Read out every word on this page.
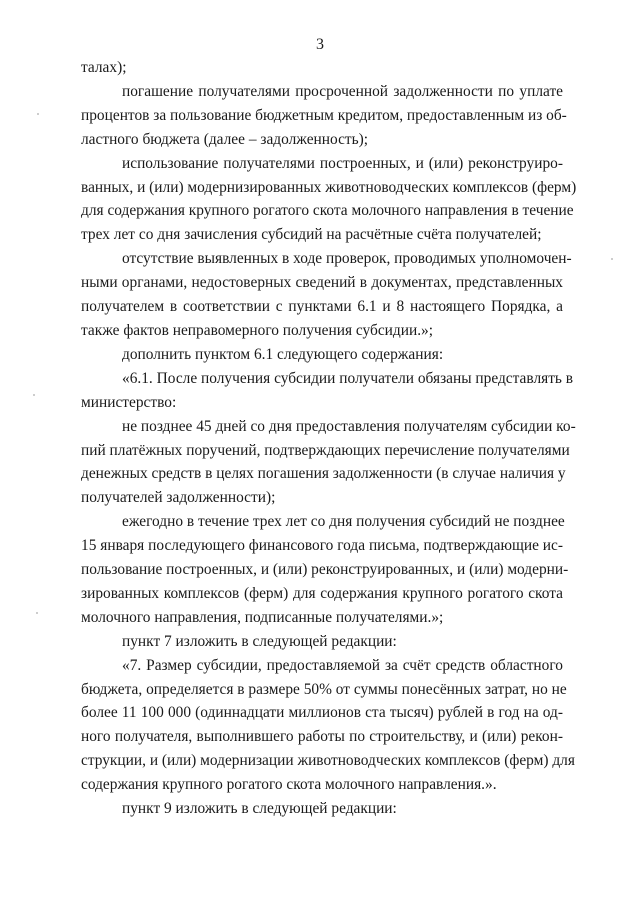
3
талах);
погашение получателями просроченной задолженности по уплате
процентов за пользование бюджетным кредитом, предоставленным из об-
ластного бюджета (далее – задолженность);
использование получателями построенных, и (или) реконструиро-
ванных, и (или) модернизированных животноводческих комплексов (ферм)
для содержания крупного рогатого скота молочного направления в течение
трех лет со дня зачисления субсидий на расчётные счёта получателей;
отсутствие выявленных в ходе проверок, проводимых уполномочен-
ными органами, недостоверных сведений в документах, представленных
получателем в соответствии с пунктами 6.1 и 8 настоящего Порядка, а
также фактов неправомерного получения субсидии.»;
дополнить пунктом 6.1 следующего содержания:
«6.1. После получения субсидии получатели обязаны представлять в
министерство:
не позднее 45 дней со дня предоставления получателям субсидии ко-
пий платёжных поручений, подтверждающих перечисление получателями
денежных средств в целях погашения задолженности (в случае наличия у
получателей задолженности);
ежегодно в течение трех лет со дня получения субсидий не позднее
15 января последующего финансового года письма, подтверждающие ис-
пользование построенных, и (или) реконструированных, и (или) модерни-
зированных комплексов (ферм) для содержания крупного рогатого скота
молочного направления, подписанные получателями.»;
пункт 7 изложить в следующей редакции:
«7. Размер субсидии, предоставляемой за счёт средств областного
бюджета, определяется в размере 50% от суммы понесённых затрат, но не
более 11 100 000 (одиннадцати миллионов ста тысяч) рублей в год на од-
ного получателя, выполнившего работы по строительству, и (или) рекон-
струкции, и (или) модернизации животноводческих комплексов (ферм) для
содержания крупного рогатого скота молочного направления.».
пункт 9 изложить в следующей редакции:
